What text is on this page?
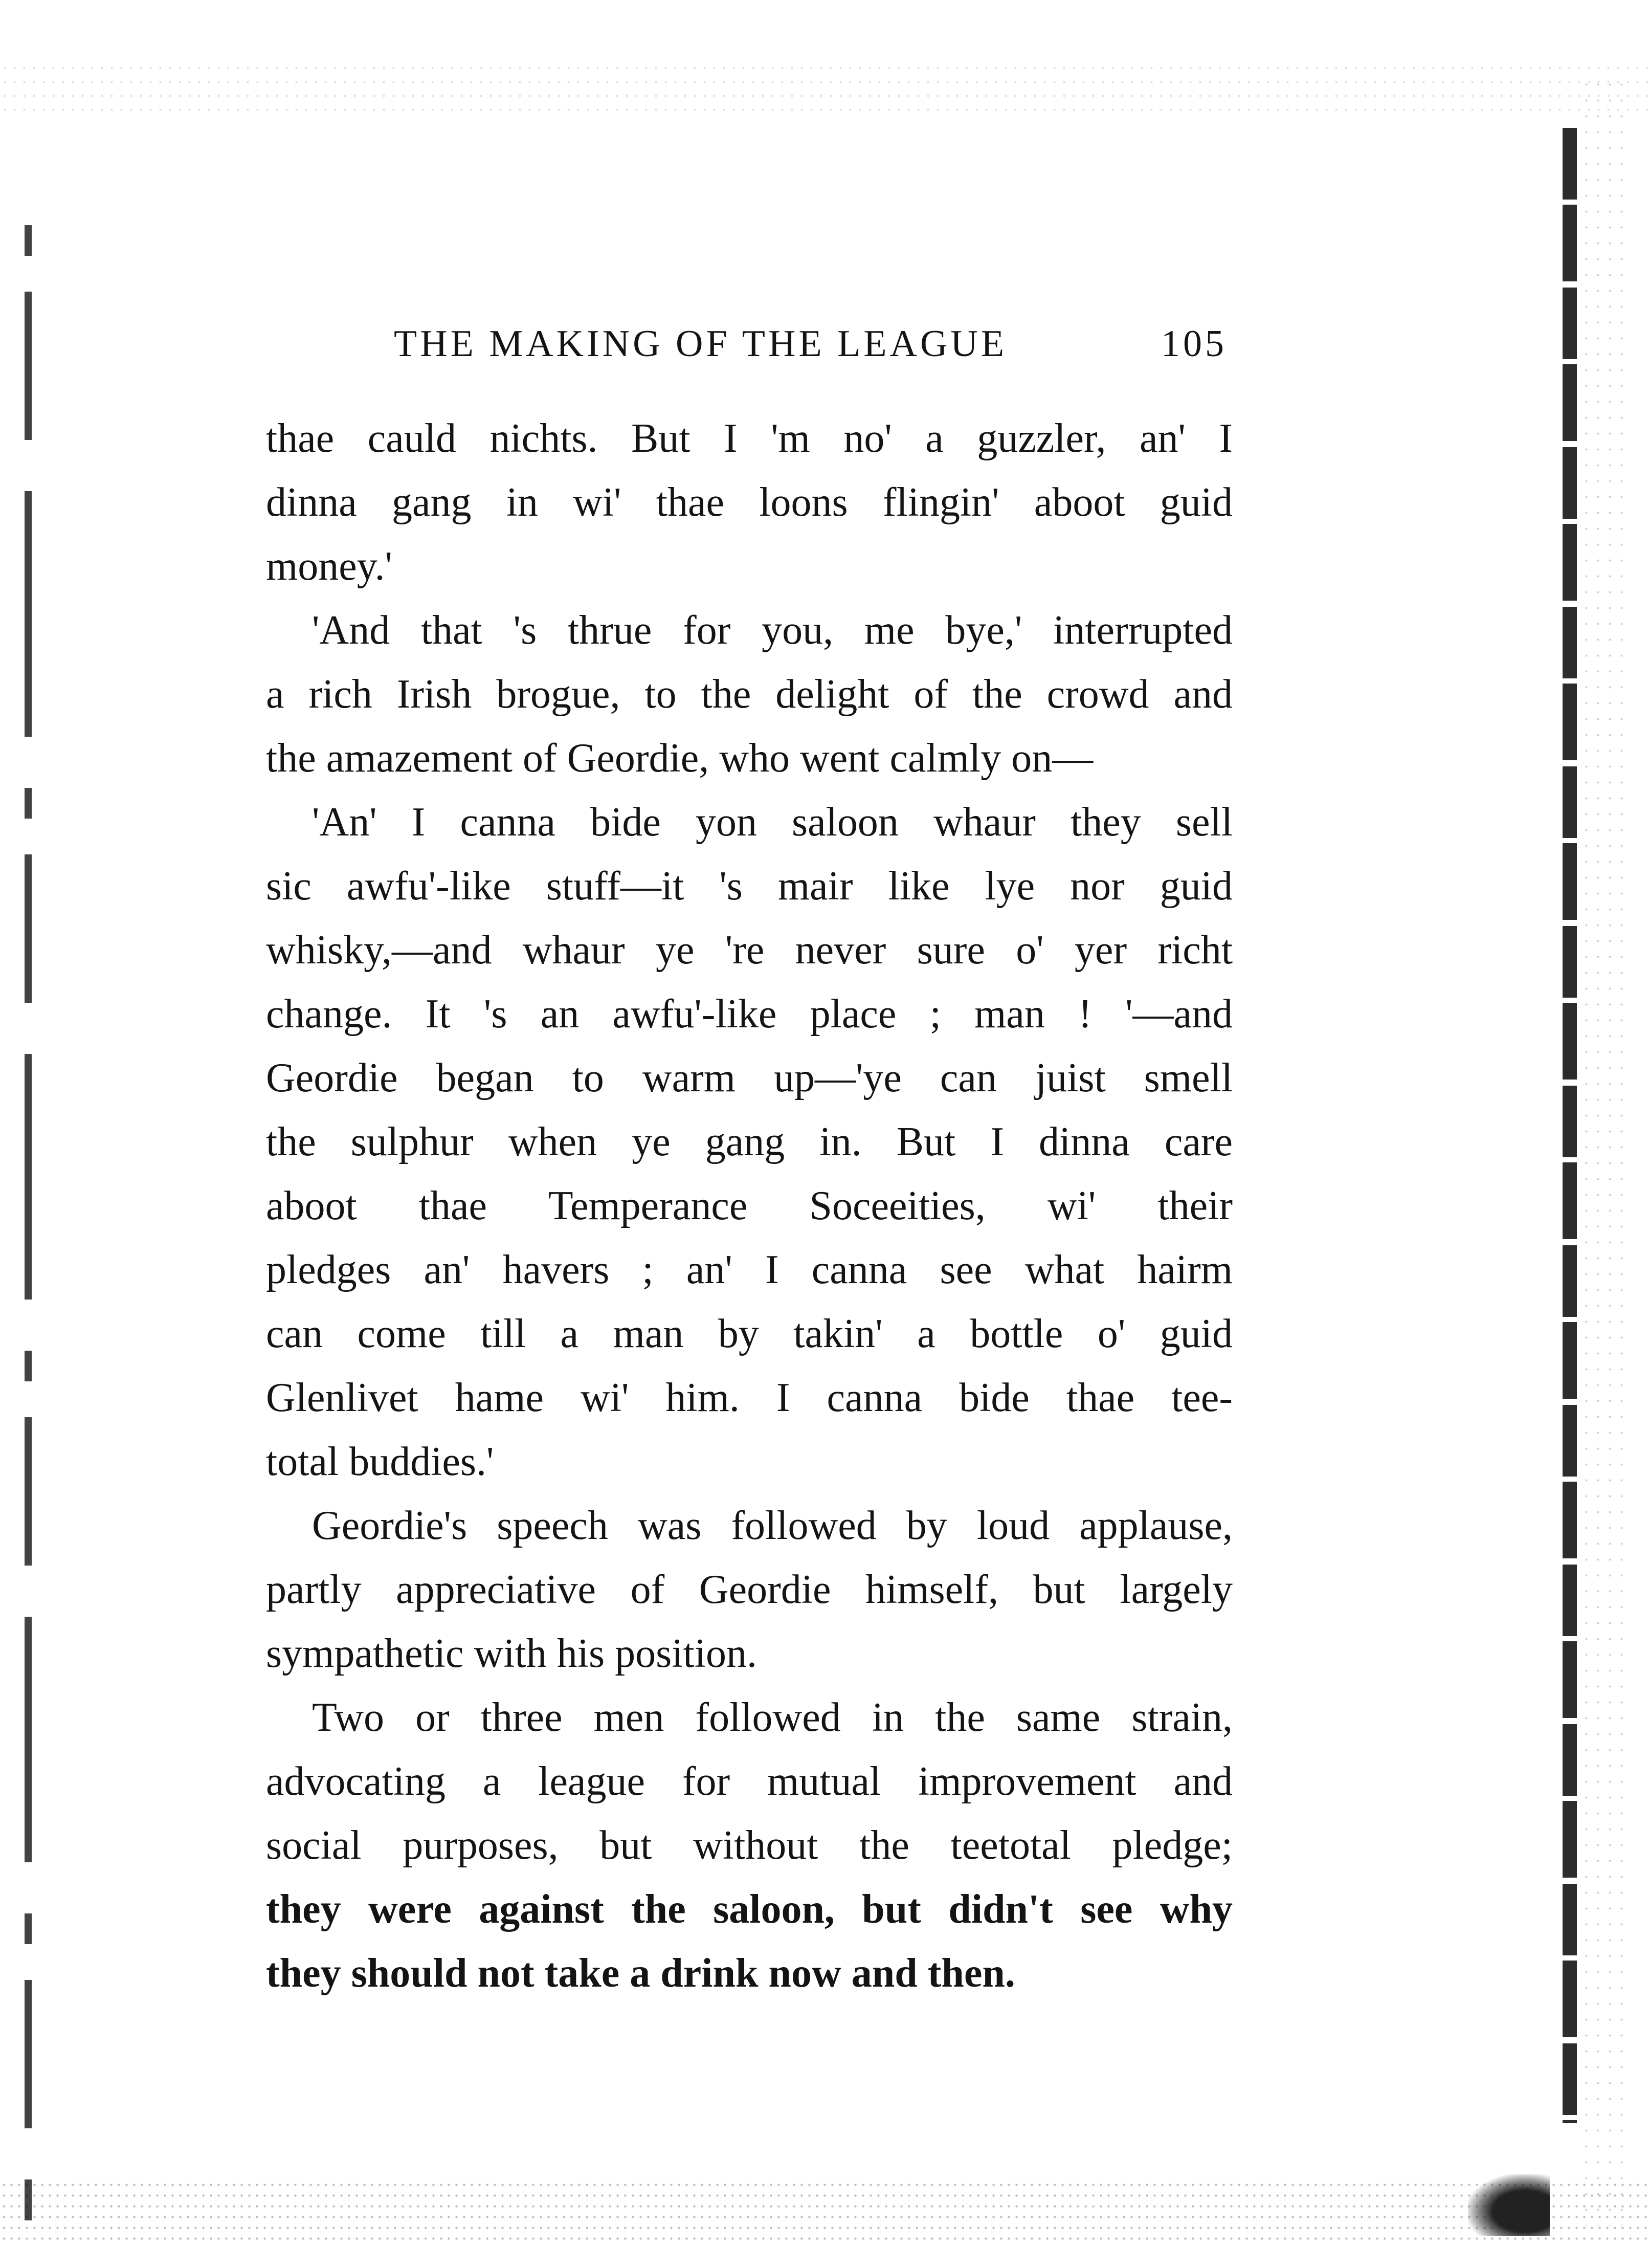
THE MAKING OF THE LEAGUE	105
thae cauld nichts. But I 'm no' a guzzler, an' I
dinna gang in wi' thae loons flingin' aboot guid
money.'
'And that 's thrue for you, me bye,' interrupted
a rich Irish brogue, to the delight of the crowd and
the amazement of Geordie, who went calmly on—
'An' I canna bide yon saloon whaur they sell
sic awfu'-like stuff—it 's mair like lye nor guid
whisky,—and whaur ye 're never sure o' yer richt
change. It 's an awfu'-like place ; man ! '—and
Geordie began to warm up—'ye can juist smell
the sulphur when ye gang in. But I dinna care
aboot thae Temperance Soceeities, wi' their
pledges an' havers ; an' I canna see what hairm
can come till a man by takin' a bottle o' guid
Glenlivet hame wi' him. I canna bide thae tee-
total buddies.'
Geordie's speech was followed by loud applause,
partly appreciative of Geordie himself, but largely
sympathetic with his position.
Two or three men followed in the same strain,
advocating a league for mutual improvement and
social purposes, but without the teetotal pledge;
they were against the saloon, but didn't see why
they should not take a drink now and then.
